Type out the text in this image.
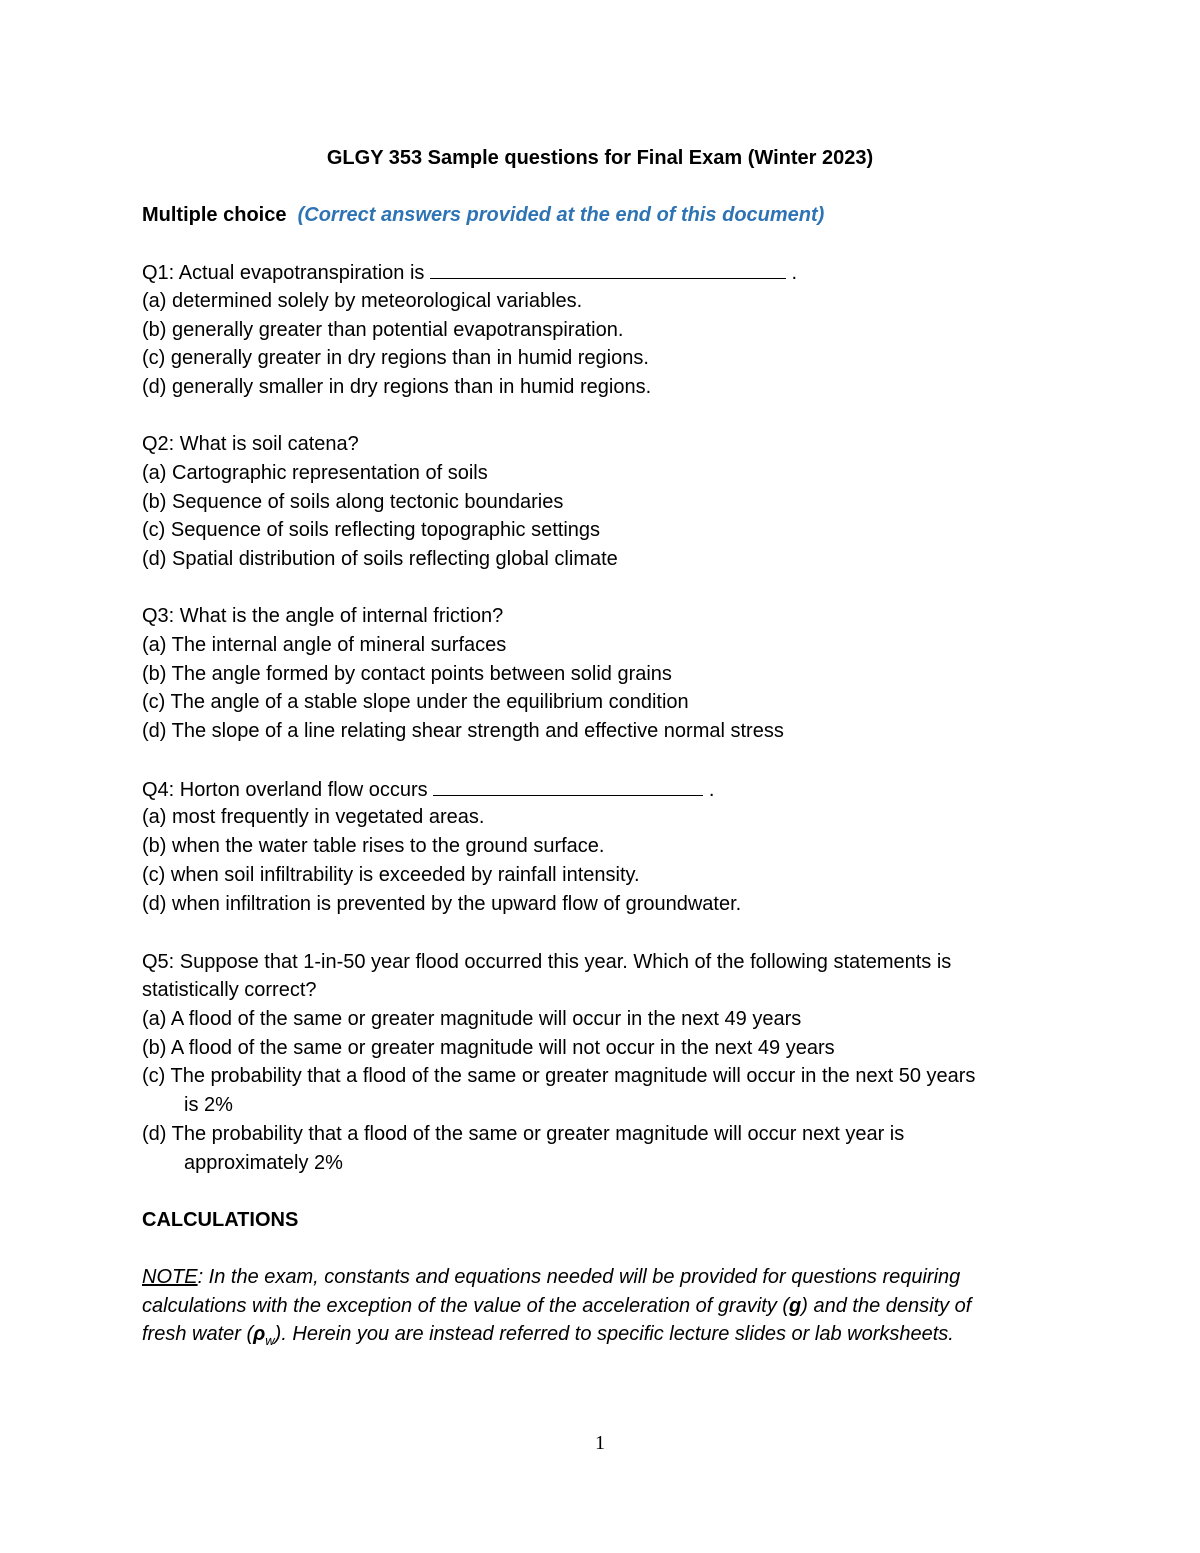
GLGY 353 Sample questions for Final Exam (Winter 2023)
Multiple choice (Correct answers provided at the end of this document)
Q1: Actual evapotranspiration is	.
(a) determined solely by meteorological variables.
(b) generally greater than potential evapotranspiration.
(c) generally greater in dry regions than in humid regions.
(d) generally smaller in dry regions than in humid regions.
Q2: What is soil catena?
(a) Cartographic representation of soils
(b) Sequence of soils along tectonic boundaries
(c) Sequence of soils reflecting topographic settings
(d) Spatial distribution of soils reflecting global climate
Q3: What is the angle of internal friction?
(a) The internal angle of mineral surfaces
(b) The angle formed by contact points between solid grains
(c) The angle of a stable slope under the equilibrium condition
(d) The slope of a line relating shear strength and effective normal stress
Q4: Horton overland flow occurs	.
(a) most frequently in vegetated areas.
(b) when the water table rises to the ground surface.
(c) when soil infiltrability is exceeded by rainfall intensity.
(d) when infiltration is prevented by the upward flow of groundwater.
Q5: Suppose that 1-in-50 year flood occurred this year. Which of the following statements is
statistically correct?
(a) A flood of the same or greater magnitude will occur in the next 49 years
(b) A flood of the same or greater magnitude will not occur in the next 49 years
(c) The probability that a flood of the same or greater magnitude will occur in the next 50 years
is 2%
(d) The probability that a flood of the same or greater magnitude will occur next year is
approximately 2%
CALCULATIONS
NOTE: In the exam, constants and equations needed will be provided for questions requiring
calculations with the exception of the value of the acceleration of gravity (g) and the density of
fresh water $(\rho_w)$. Herein you are instead referred to specific lecture slides or lab worksheets.
1
